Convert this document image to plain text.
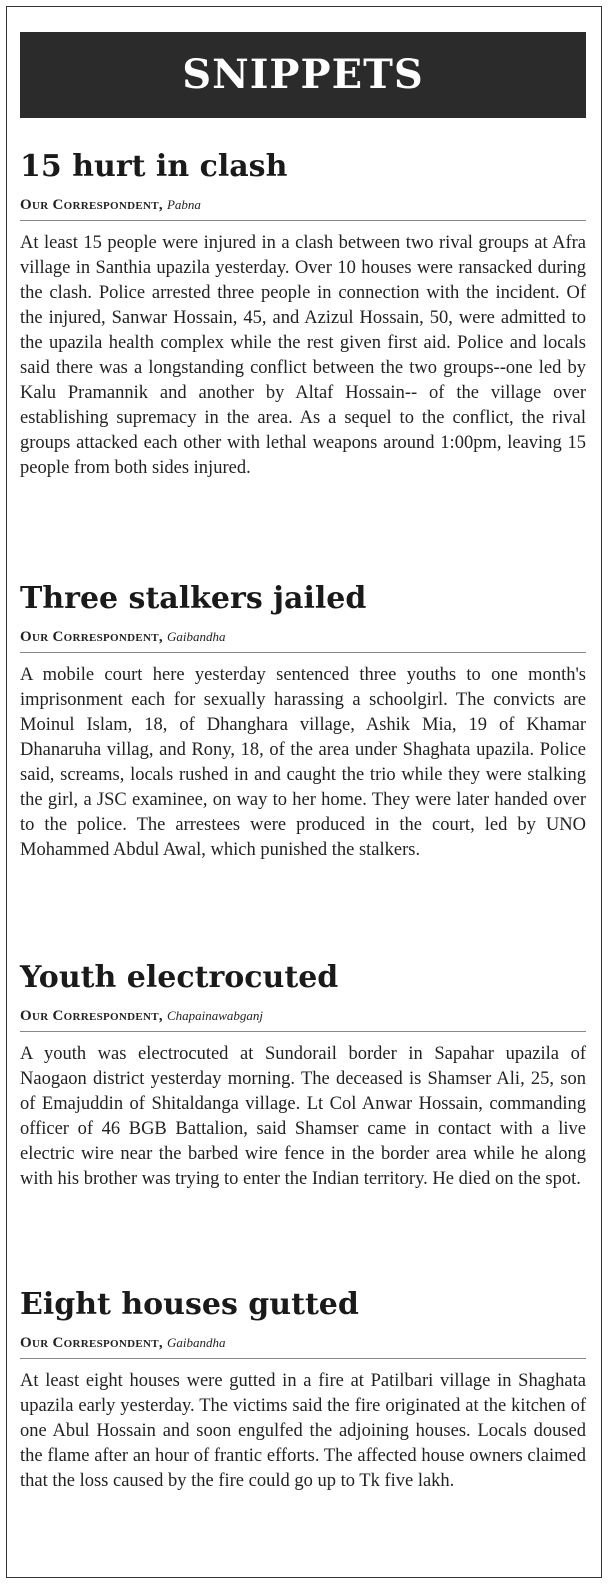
SNIPPETS
15 hurt in clash
Our Correspondent, Pabna
At least 15 people were injured in a clash between two rival groups at Afra village in Santhia upazila yesterday. Over 10 houses were ransacked during the clash. Police arrested three people in connection with the incident. Of the injured, Sanwar Hossain, 45, and Azizul Hossain, 50, were admitted to the upazila health complex while the rest given first aid. Police and locals said there was a longstanding conflict between the two groups--one led by Kalu Pramannik and another by Altaf Hossain-- of the village over establishing supremacy in the area. As a sequel to the conflict, the rival groups attacked each other with lethal weapons around 1:00pm, leaving 15 people from both sides injured.
Three stalkers jailed
Our Correspondent, Gaibandha
A mobile court here yesterday sentenced three youths to one month's imprisonment each for sexually harassing a schoolgirl. The convicts are Moinul Islam, 18, of Dhanghara village, Ashik Mia, 19 of Khamar Dhanaruha villag, and Rony, 18, of the area under Shaghata upazila. Police said, screams, locals rushed in and caught the trio while they were stalking the girl, a JSC examinee, on way to her home. They were later handed over to the police. The arrestees were produced in the court, led by UNO Mohammed Abdul Awal, which punished the stalkers.
Youth electrocuted
Our Correspondent, Chapainawabganj
A youth was electrocuted at Sundorail border in Sapahar upazila of Naogaon district yesterday morning. The deceased is Shamser Ali, 25, son of Emajuddin of Shitaldanga village. Lt Col Anwar Hossain, commanding officer of 46 BGB Battalion, said Shamser came in contact with a live electric wire near the barbed wire fence in the border area while he along with his brother was trying to enter the Indian territory. He died on the spot.
Eight houses gutted
Our Correspondent, Gaibandha
At least eight houses were gutted in a fire at Patilbari village in Shaghata upazila early yesterday. The victims said the fire originated at the kitchen of one Abul Hossain and soon engulfed the adjoining houses. Locals doused the flame after an hour of frantic efforts. The affected house owners claimed that the loss caused by the fire could go up to Tk five lakh.
